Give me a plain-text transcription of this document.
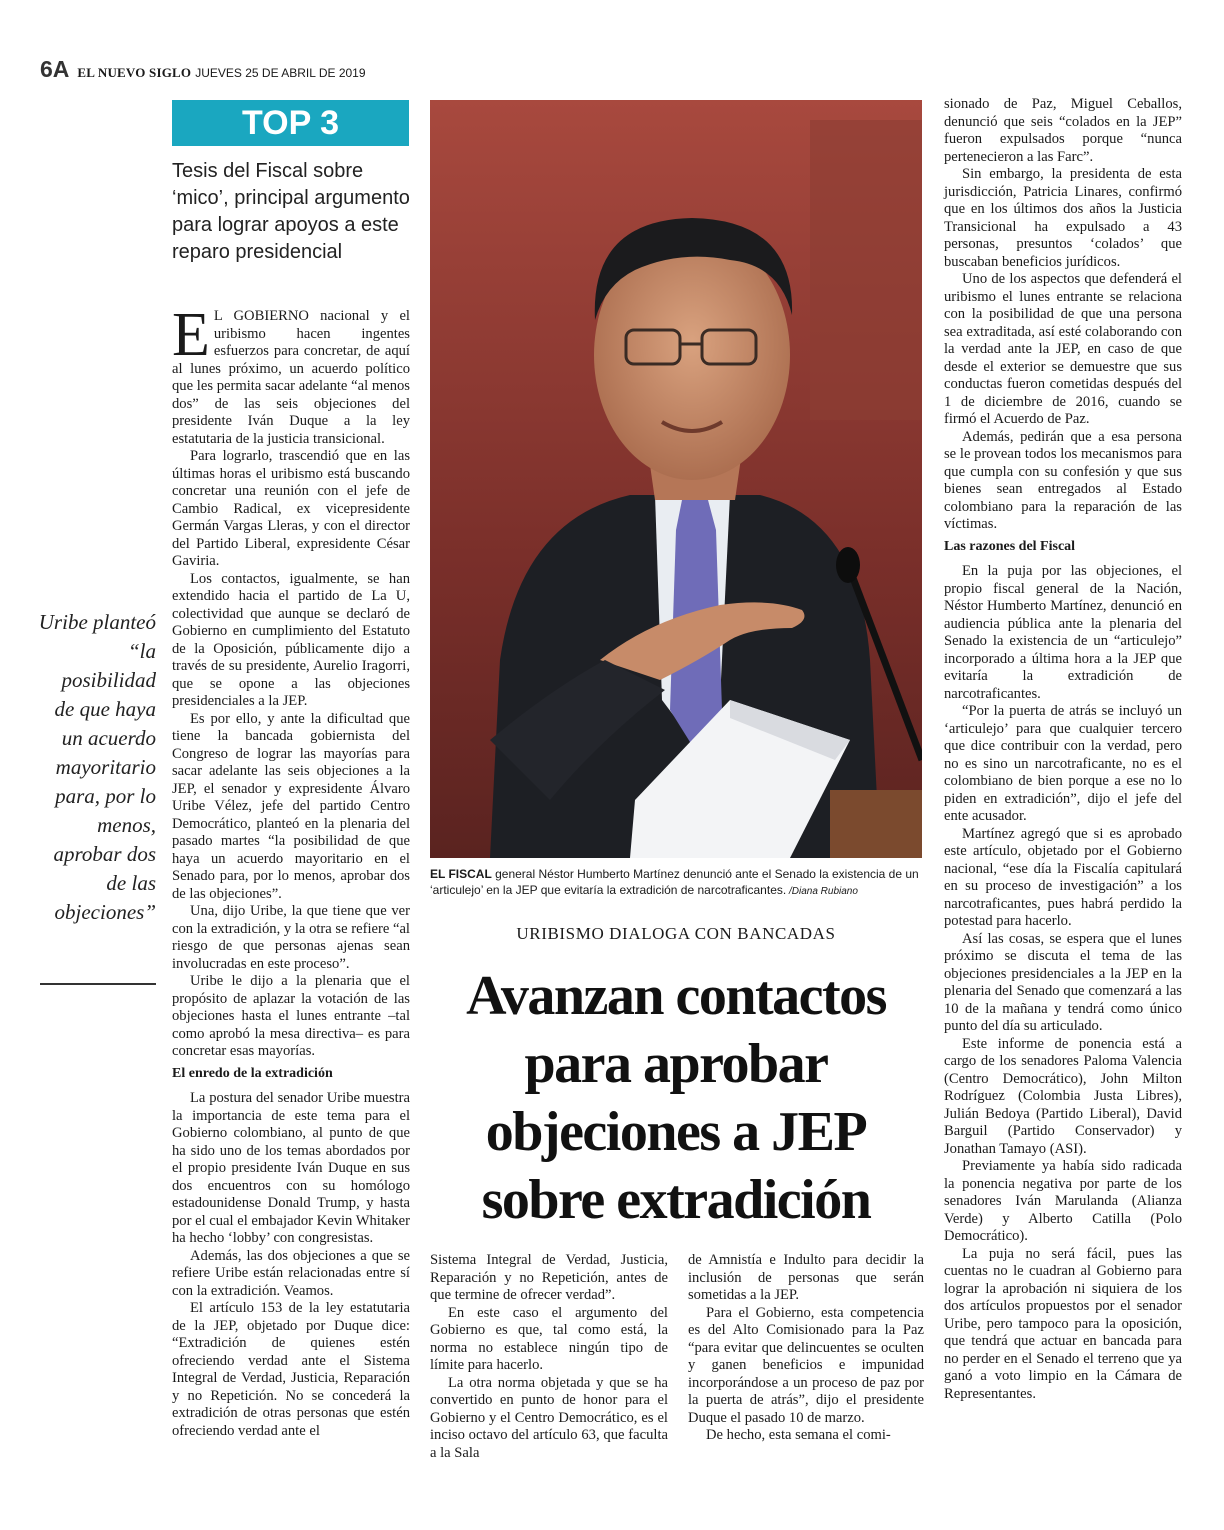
6A EL NUEVO SIGLO JUEVES 25 DE ABRIL DE 2019
TOP 3
Tesis del Fiscal sobre ‘mico’, principal argumento para lograr apoyos a este reparo presidencial
Uribe planteó “la posibilidad de que haya un acuerdo mayoritario para, por lo menos, aprobar dos de las objeciones”

E L GOBIERNO nacional y el uribismo hacen ingentes esfuerzos para concretar, de aquí al lunes próximo, un acuerdo político que les permita sacar adelante “al menos dos” de las seis objeciones del presidente Iván Duque a la ley estatutaria de la justicia transicional.

Para lograrlo, trascendió que en las últimas horas el uribismo está buscando concretar una reunión con el jefe de Cambio Radical, ex vicepresidente Germán Vargas Lleras, y con el director del Partido Liberal, expresidente César Gaviria.

Los contactos, igualmente, se han extendido hacia el partido de La U, colectividad que aunque se declaró de Gobierno en cumplimiento del Estatuto de la Oposición, públicamente dijo a través de su presidente, Aurelio Iragorri, que se opone a las objeciones presidenciales a la JEP.

Es por ello, y ante la dificultad que tiene la bancada gobiernista del Congreso de lograr las mayorías para sacar adelante las seis objeciones a la JEP, el senador y expresidente Álvaro Uribe Vélez, jefe del partido Centro Democrático, planteó en la plenaria del pasado martes “la posibilidad de que haya un acuerdo mayoritario en el Senado para, por lo menos, aprobar dos de las objeciones”.

Una, dijo Uribe, la que tiene que ver con la extradición, y la otra se refiere “al riesgo de que personas ajenas sean involucradas en este proceso”.

Uribe le dijo a la plenaria que el propósito de aplazar la votación de las objeciones hasta el lunes entrante –tal como aprobó la mesa directiva– es para concretar esas mayorías.

El enredo de la extradición

La postura del senador Uribe muestra la importancia de este tema para el Gobierno colombiano, al punto de que ha sido uno de los temas abordados por el propio presidente Iván Duque en sus dos encuentros con su homólogo estadounidense Donald Trump, y hasta por el cual el embajador Kevin Whitaker ha hecho ‘lobby’ con congresistas.

Además, las dos objeciones a que se refiere Uribe están relacionadas entre sí con la extradición. Veamos.

El artículo 153 de la ley estatutaria de la JEP, objetado por Duque dice: “Extradición de quienes estén ofreciendo verdad ante el Sistema Integral de Verdad, Justicia, Reparación y no Repetición. No se concederá la extradición de otras personas que estén ofreciendo verdad ante el

EL FISCAL general Néstor Humberto Martínez denunció ante el Senado la existencia de un ‘articulejo’ en la JEP que evitaría la extradición de narcotraficantes. /Diana Rubiano
URIBISMO DIALOGA CON BANCADAS
Avanzan contactos para aprobar objeciones a JEP sobre extradición

Sistema Integral de Verdad, Justicia, Reparación y no Repetición, antes de que termine de ofrecer verdad”.

En este caso el argumento del Gobierno es que, tal como está, la norma no establece ningún tipo de límite para hacerlo.

La otra norma objetada y que se ha convertido en punto de honor para el Gobierno y el Centro Democrático, es el inciso octavo del artículo 63, que faculta a la Sala

de Amnistía e Indulto para decidir la inclusión de personas que serán sometidas a la JEP.

Para el Gobierno, esta competencia es del Alto Comisionado para la Paz “para evitar que delincuentes se oculten y ganen beneficios e impunidad incorporándose a un proceso de paz por la puerta de atrás”, dijo el presidente Duque el pasado 10 de marzo.

De hecho, esta semana el comi-

sionado de Paz, Miguel Ceballos, denunció que seis “colados en la JEP” fueron expulsados porque “nunca pertenecieron a las Farc”.

Sin embargo, la presidenta de esta jurisdicción, Patricia Linares, confirmó que en los últimos dos años la Justicia Transicional ha expulsado a 43 personas, presuntos ‘colados’ que buscaban beneficios jurídicos.

Uno de los aspectos que defenderá el uribismo el lunes entrante se relaciona con la posibilidad de que una persona sea extraditada, así esté colaborando con la verdad ante la JEP, en caso de que desde el exterior se demuestre que sus conductas fueron cometidas después del 1 de diciembre de 2016, cuando se firmó el Acuerdo de Paz.

Además, pedirán que a esa persona se le provean todos los mecanismos para que cumpla con su confesión y que sus bienes sean entregados al Estado colombiano para la reparación de las víctimas.

Las razones del Fiscal

En la puja por las objeciones, el propio fiscal general de la Nación, Néstor Humberto Martínez, denunció en audiencia pública ante la plenaria del Senado la existencia de un “articulejo” incorporado a última hora a la JEP que evitaría la extradición de narcotraficantes.

“Por la puerta de atrás se incluyó un ‘articulejo’ para que cualquier tercero que dice contribuir con la verdad, pero no es sino un narcotraficante, no es el colombiano de bien porque a ese no lo piden en extradición”, dijo el jefe del ente acusador.

Martínez agregó que si es aprobado este artículo, objetado por el Gobierno nacional, “ese día la Fiscalía capitulará en su proceso de investigación” a los narcotraficantes, pues habrá perdido la potestad para hacerlo.

Así las cosas, se espera que el lunes próximo se discuta el tema de las objeciones presidenciales a la JEP en la plenaria del Senado que comenzará a las 10 de la mañana y tendrá como único punto del día su articulado.

Este informe de ponencia está a cargo de los senadores Paloma Valencia (Centro Democrático), John Milton Rodríguez (Colombia Justa Libres), Julián Bedoya (Partido Liberal), David Barguil (Partido Conservador) y Jonathan Tamayo (ASI).

Previamente ya había sido radicada la ponencia negativa por parte de los senadores Iván Marulanda (Alianza Verde) y Alberto Catilla (Polo Democrático).

La puja no será fácil, pues las cuentas no le cuadran al Gobierno para lograr la aprobación ni siquiera de los dos artículos propuestos por el senador Uribe, pero tampoco para la oposición, que tendrá que actuar en bancada para no perder en el Senado el terreno que ya ganó a voto limpio en la Cámara de Representantes.
